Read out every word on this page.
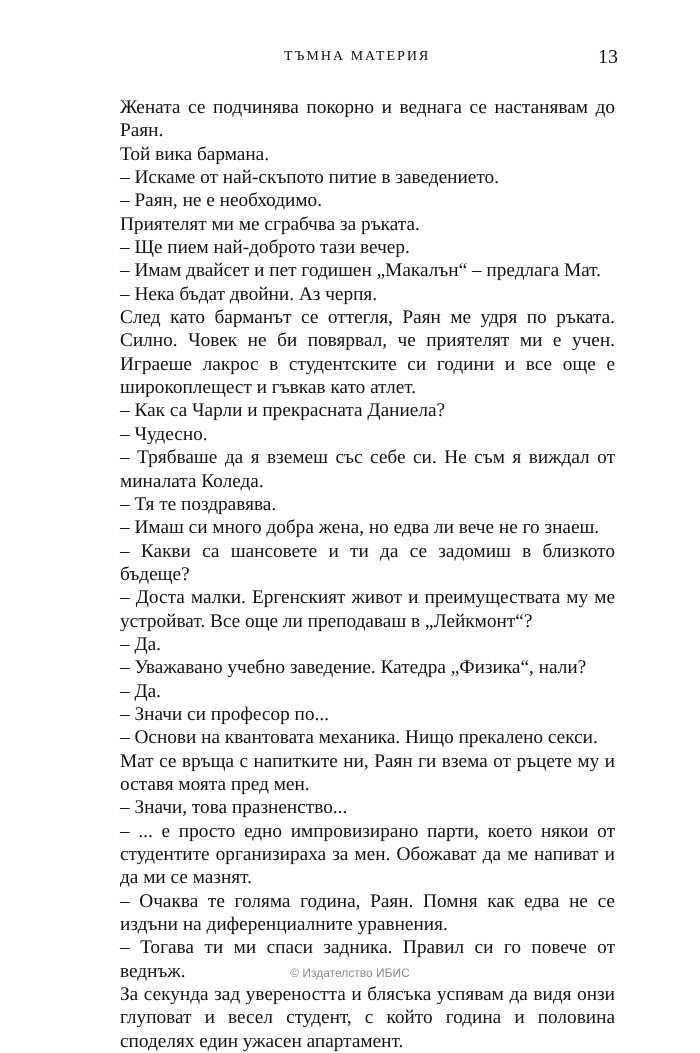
ТЪМНА МАТЕРИЯ	13

Жената се подчинява покорно и веднага се настанявам до Раян.

Той вика бармана.

– Искаме от най-скъпото питие в заведението.

– Раян, не е необходимо.

Приятелят ми ме сграбчва за ръката.

– Ще пием най-доброто тази вечер.

– Имам двайсет и пет годишен „Макалън“ – предлага Мат.

– Нека бъдат двойни. Аз черпя.

След като барманът се оттегля, Раян ме удря по ръката. Силно. Човек не би повярвал, че приятелят ми е учен. Играеше лакрос в студентските си години и все още е широкоплещест и гъвкав като атлет.

– Как са Чарли и прекрасната Даниела?

– Чудесно.

– Трябваше да я вземеш със себе си. Не съм я виждал от миналата Коледа.

– Тя те поздравява.

– Имаш си много добра жена, но едва ли вече не го знаеш.

– Какви са шансовете и ти да се задомиш в близкото бъдеще?

– Доста малки. Ергенският живот и преимуществата му ме устройват. Все още ли преподаваш в „Лейкмонт“?

– Да.

– Уважавано учебно заведение. Катедра „Физика“, нали?

– Да.

– Значи си професор по...

– Основи на квантовата механика. Нищо прекалено секси.

Мат се връща с напитките ни, Раян ги взема от ръцете му и оставя моята пред мен.

– Значи, това празненство...

– ... е просто едно импровизирано парти, което някои от студентите организираха за мен. Обожават да ме напиват и да ми се мазнят.

– Очаква те голяма година, Раян. Помня как едва не се издъни на диференциалните уравнения.

– Тогава ти ми спаси задника. Правил си го повече от веднъж.

За секунда зад увереността и блясъка успявам да видя онзи глуповат и весел студент, с който година и половина споделях един ужасен апартамент.

© Издателство ИБИС
